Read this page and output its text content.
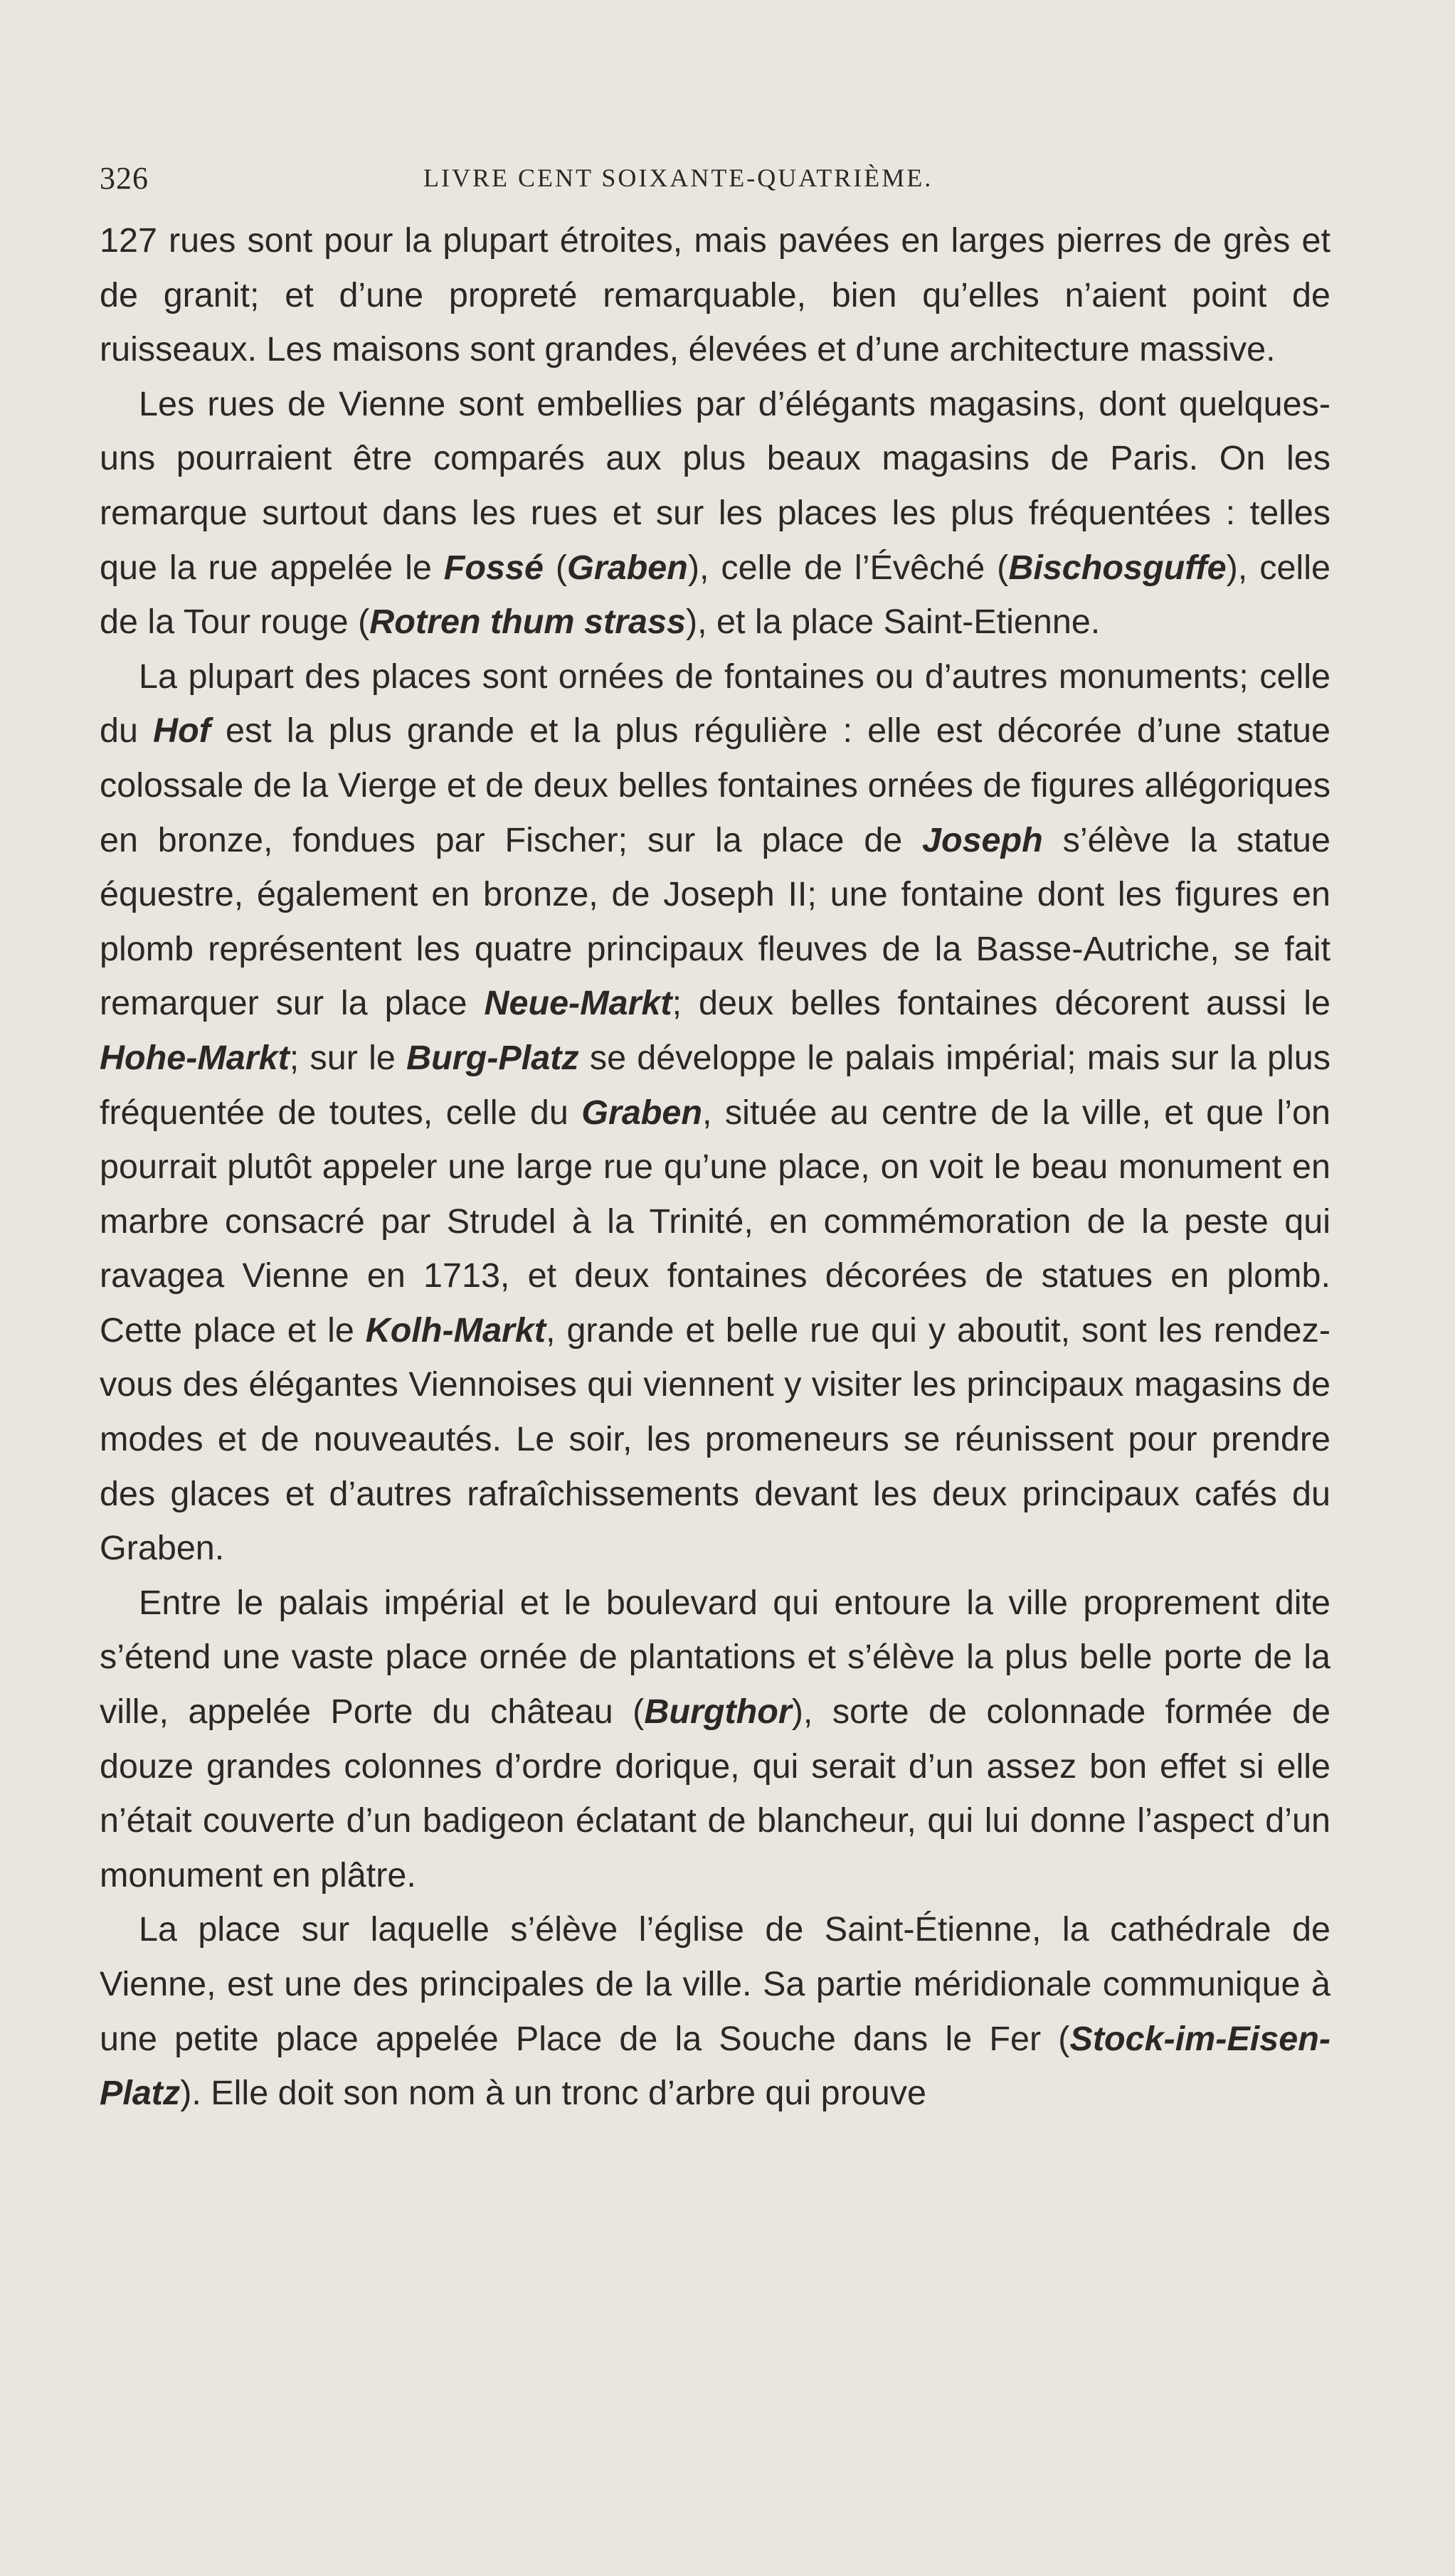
326	LIVRE CENT SOIXANTE-QUATRIÈME.

127 rues sont pour la plupart étroites, mais pavées en larges pierres de grès et de granit; et d’une propreté remarquable, bien qu’elles n’aient point de ruisseaux. Les maisons sont grandes, élevées et d’une architecture massive.

Les rues de Vienne sont embellies par d’élégants magasins, dont quelques-uns pourraient être comparés aux plus beaux magasins de Paris. On les remarque surtout dans les rues et sur les places les plus fréquentées : telles que la rue appelée le Fossé (Graben), celle de l’Évêché (Bischosguffe), celle de la Tour rouge (Rotren thum strass), et la place Saint-Etienne.

La plupart des places sont ornées de fontaines ou d’autres monuments; celle du Hof est la plus grande et la plus régulière : elle est décorée d’une statue colossale de la Vierge et de deux belles fontaines ornées de figures allégoriques en bronze, fondues par Fischer; sur la place de Joseph s’élève la statue équestre, également en bronze, de Joseph II; une fontaine dont les figures en plomb représentent les quatre principaux fleuves de la Basse-Autriche, se fait remarquer sur la place Neue-Markt; deux belles fontaines décorent aussi le Hohe-Markt; sur le Burg-Platz se développe le palais impérial; mais sur la plus fréquentée de toutes, celle du Graben, située au centre de la ville, et que l’on pourrait plutôt appeler une large rue qu’une place, on voit le beau monument en marbre consacré par Strudel à la Trinité, en commémoration de la peste qui ravagea Vienne en 1713, et deux fontaines décorées de statues en plomb. Cette place et le Kolh-Markt, grande et belle rue qui y aboutit, sont les rendez-vous des élégantes Viennoises qui viennent y visiter les principaux magasins de modes et de nouveautés. Le soir, les promeneurs se réunissent pour prendre des glaces et d’autres rafraîchissements devant les deux principaux cafés du Graben.

Entre le palais impérial et le boulevard qui entoure la ville proprement dite s’étend une vaste place ornée de plantations et s’élève la plus belle porte de la ville, appelée Porte du château (Burgthor), sorte de colonnade formée de douze grandes colonnes d’ordre dorique, qui serait d’un assez bon effet si elle n’était couverte d’un badigeon éclatant de blancheur, qui lui donne l’aspect d’un monument en plâtre.

La place sur laquelle s’élève l’église de Saint-Étienne, la cathédrale de Vienne, est une des principales de la ville. Sa partie méridionale communique à une petite place appelée Place de la Souche dans le Fer (Stock-im-Eisen-Platz). Elle doit son nom à un tronc d’arbre qui prouve
